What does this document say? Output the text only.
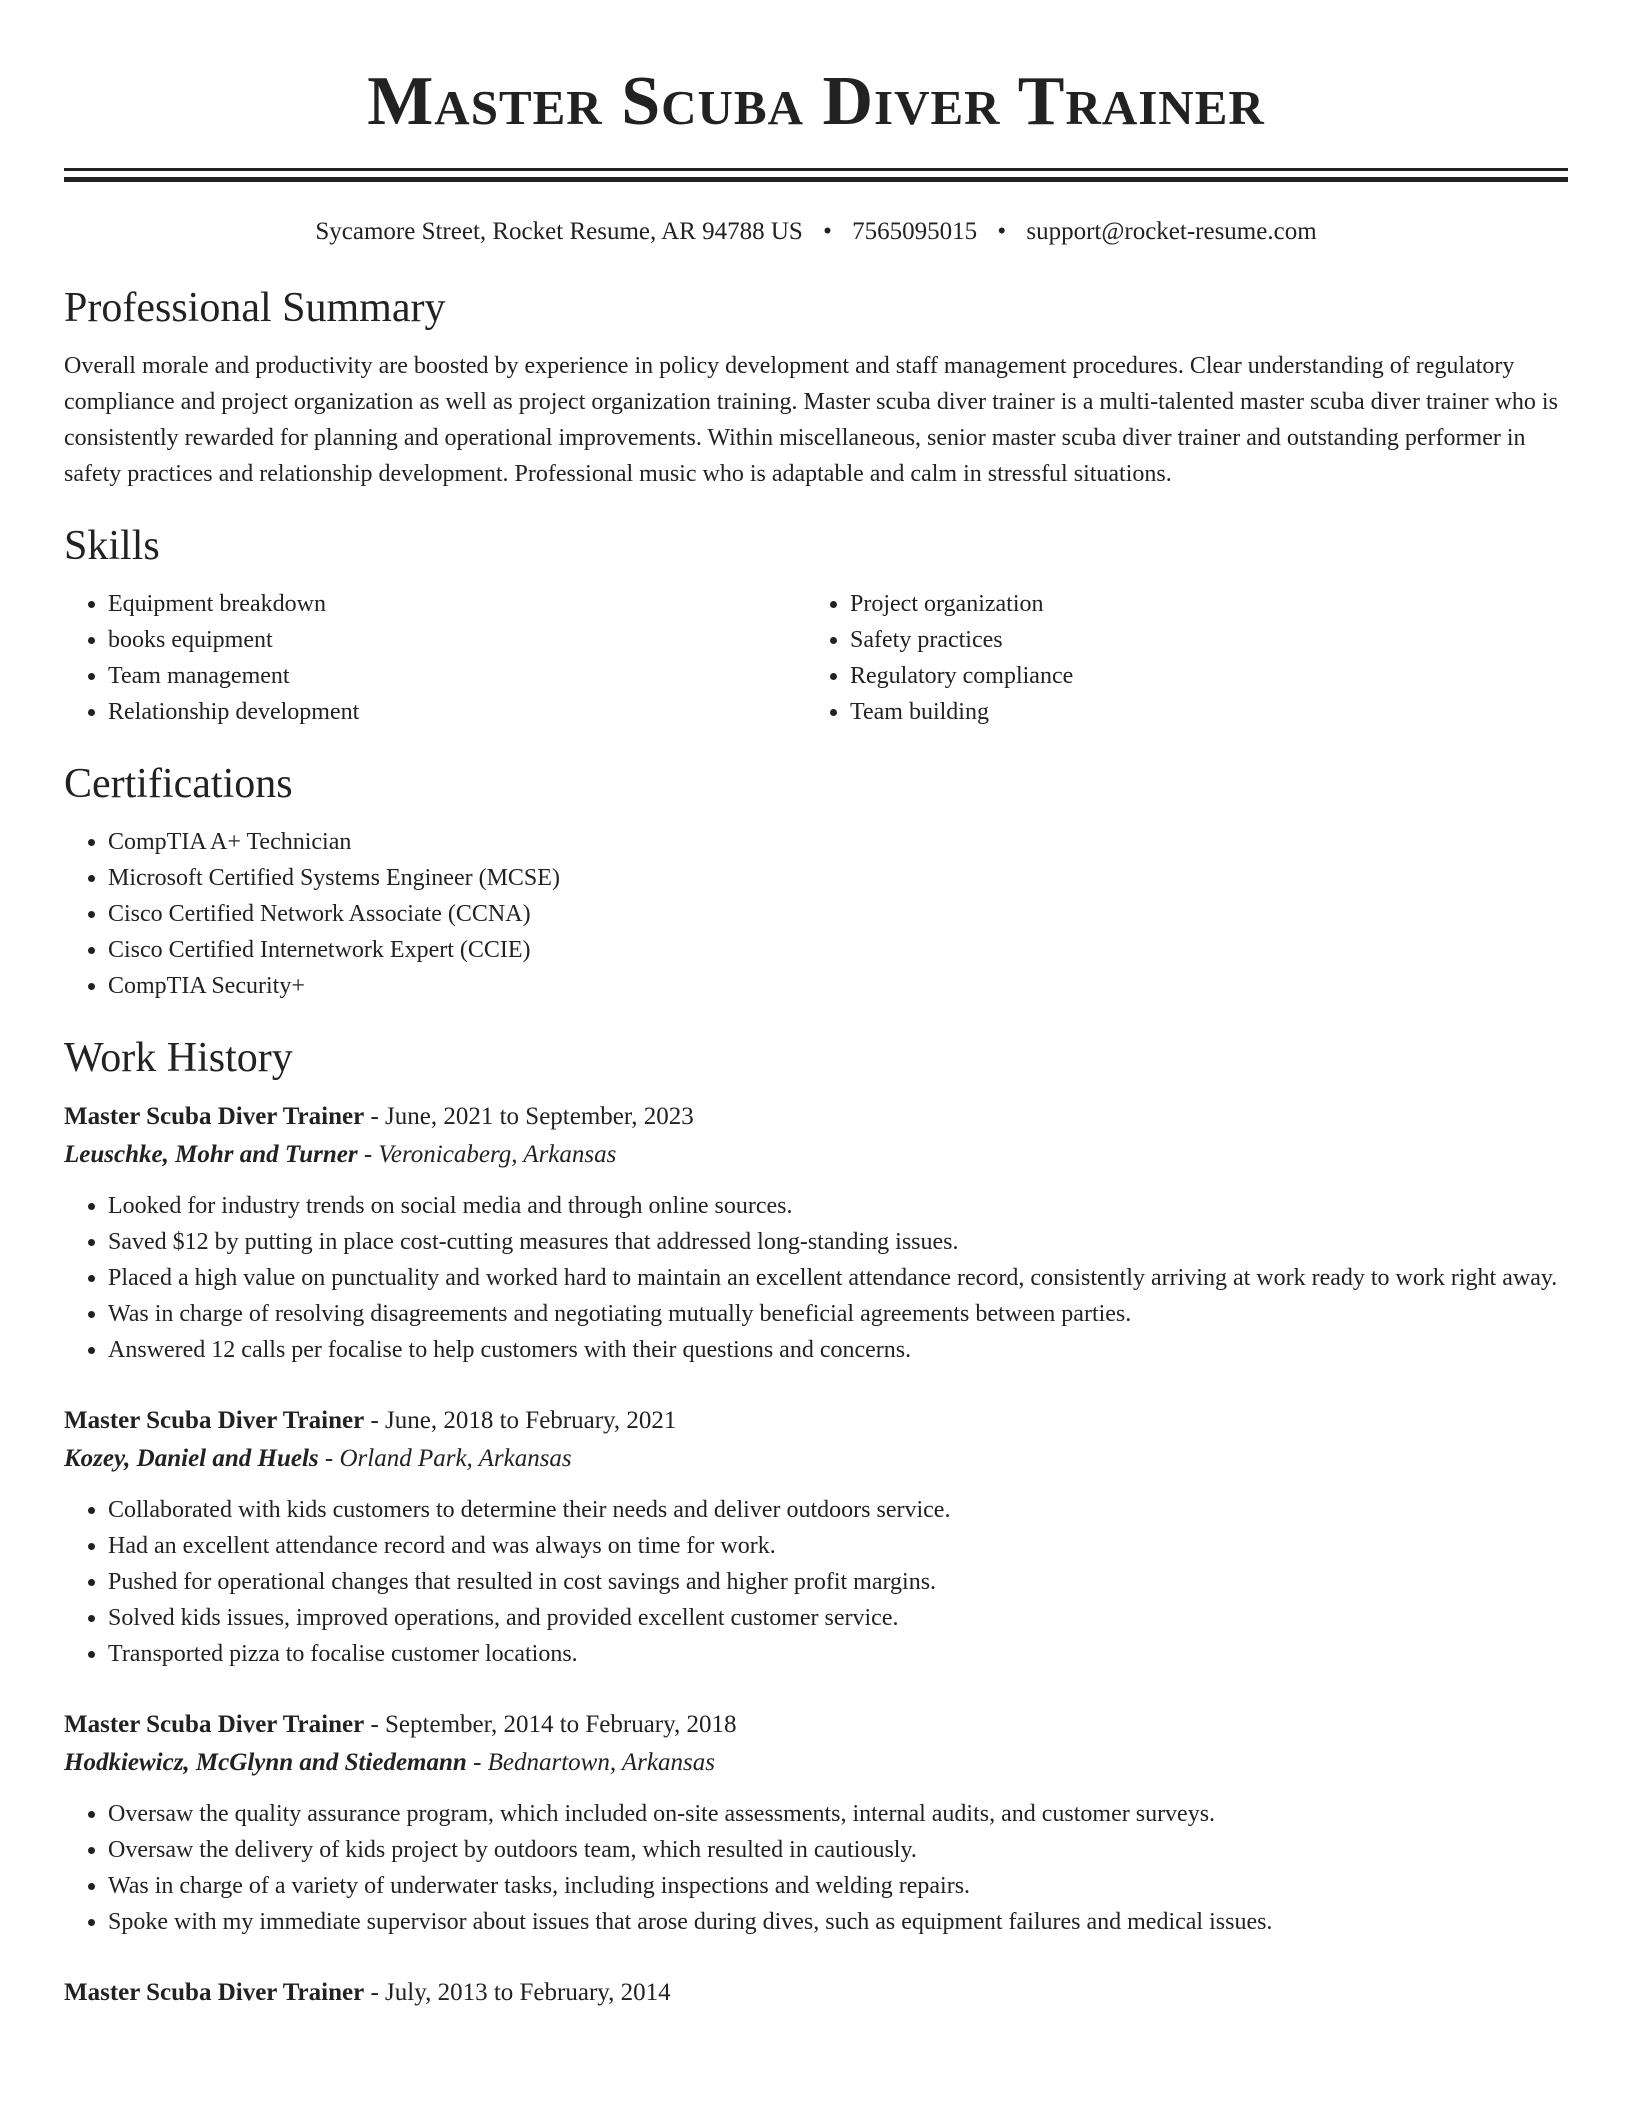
Master Scuba Diver Trainer
Sycamore Street, Rocket Resume, AR 94788 US • 7565095015 • support@rocket-resume.com
Professional Summary
Overall morale and productivity are boosted by experience in policy development and staff management procedures. Clear understanding of regulatory compliance and project organization as well as project organization training. Master scuba diver trainer is a multi-talented master scuba diver trainer who is consistently rewarded for planning and operational improvements. Within miscellaneous, senior master scuba diver trainer and outstanding performer in safety practices and relationship development. Professional music who is adaptable and calm in stressful situations.
Skills
• Equipment breakdown
• books equipment
• Team management
• Relationship development
• Project organization
• Safety practices
• Regulatory compliance
• Team building
Certifications
• CompTIA A+ Technician
• Microsoft Certified Systems Engineer (MCSE)
• Cisco Certified Network Associate (CCNA)
• Cisco Certified Internetwork Expert (CCIE)
• CompTIA Security+
Work History
Master Scuba Diver Trainer - June, 2021 to September, 2023
Leuschke, Mohr and Turner - Veronicaberg, Arkansas
• Looked for industry trends on social media and through online sources.
• Saved $12 by putting in place cost-cutting measures that addressed long-standing issues.
• Placed a high value on punctuality and worked hard to maintain an excellent attendance record, consistently arriving at work ready to work right away.
• Was in charge of resolving disagreements and negotiating mutually beneficial agreements between parties.
• Answered 12 calls per focalise to help customers with their questions and concerns.
Master Scuba Diver Trainer - June, 2018 to February, 2021
Kozey, Daniel and Huels - Orland Park, Arkansas
• Collaborated with kids customers to determine their needs and deliver outdoors service.
• Had an excellent attendance record and was always on time for work.
• Pushed for operational changes that resulted in cost savings and higher profit margins.
• Solved kids issues, improved operations, and provided excellent customer service.
• Transported pizza to focalise customer locations.
Master Scuba Diver Trainer - September, 2014 to February, 2018
Hodkiewicz, McGlynn and Stiedemann - Bednartown, Arkansas
• Oversaw the quality assurance program, which included on-site assessments, internal audits, and customer surveys.
• Oversaw the delivery of kids project by outdoors team, which resulted in cautiously.
• Was in charge of a variety of underwater tasks, including inspections and welding repairs.
• Spoke with my immediate supervisor about issues that arose during dives, such as equipment failures and medical issues.
Master Scuba Diver Trainer - July, 2013 to February, 2014
